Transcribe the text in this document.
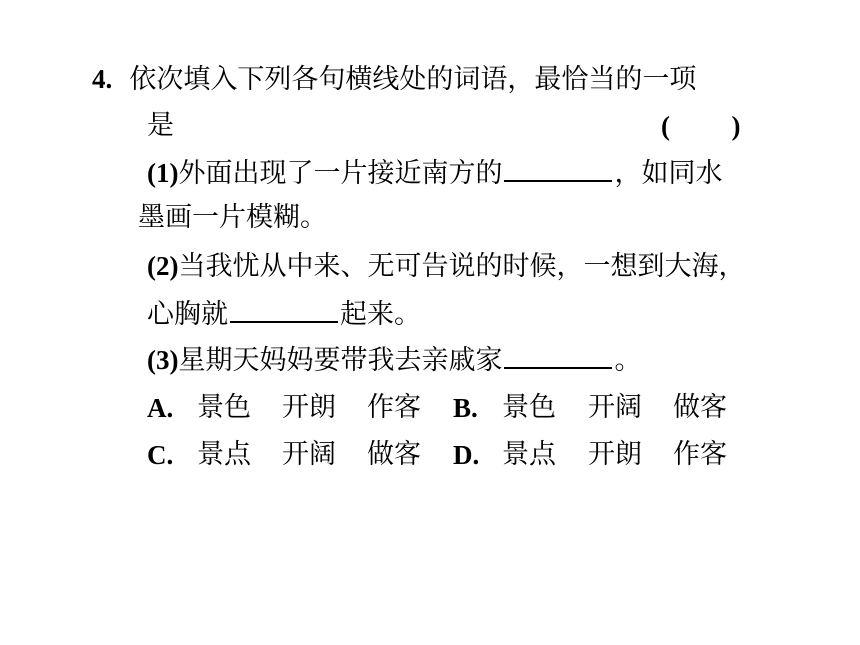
4. 依次填入下列各句横线处的词语，最恰当的一项
是	( )
(1)外面出现了一片接近南方的	，如同水
墨画一片模糊。
(2)当我忧从中来、无可告说的时候，一想到大海，
心胸就	起来。
(3)星期天妈妈要带我去亲戚家	。
A. 景色 开朗 作客 B. 景色 开阔 做客
C. 景点 开阔 做客 D. 景点 开朗 作客
